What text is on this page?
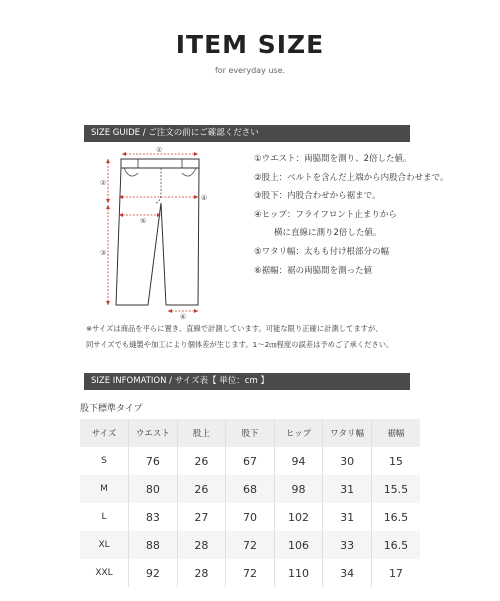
ITEM SIZE
for everyday use.
SIZE GUIDE / ご注文の前にご確認ください
①
②
③
④
⑤
⑥
①ウエスト：両脇間を測り、2倍した値。
②股上：ベルトを含んだ上端から内股合わせまで。
③股下：内股合わせから裾まで。
④ヒップ：フライフロント止まりから
横に直線に測り2倍した値。
⑤ワタリ幅：太もも付け根部分の幅
⑥裾幅：裾の両脇間を測った値
※サイズは商品を平らに置き、直線で計測しています。可能な限り正確に計測してますが、
同サイズでも縫製や加工により個体差が生じます。1〜2㎝程度の誤差は予めご了承ください。
SIZE INFOMATION / サイズ表【 単位：cm 】
股下標準タイプ
サイズ	ウエスト	股上	股下	ヒップ	ワタリ幅	裾幅
S	76	26	67	94	30	15
M	80	26	68	98	31	15.5
L	83	27	70	102	31	16.5
XL	88	28	72	106	33	16.5
XXL	92	28	72	110	34	17
